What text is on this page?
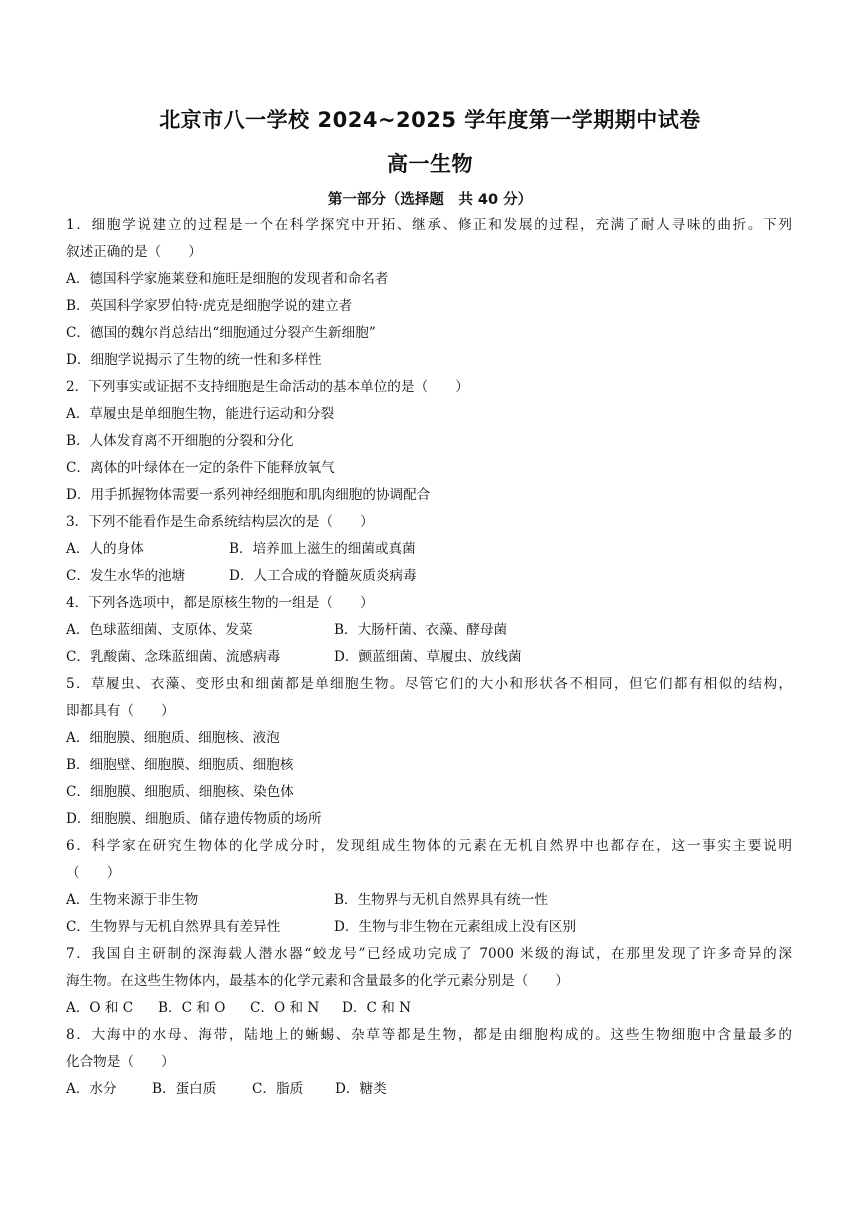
北京市八一学校 2024~2025 学年度第一学期期中试卷
高一生物
第一部分（选择题　共 40 分）
1．细胞学说建立的过程是一个在科学探究中开拓、继承、修正和发展的过程，充满了耐人寻味的曲折。下列
叙述正确的是（　　）
A．德国科学家施莱登和施旺是细胞的发现者和命名者
B．英国科学家罗伯特·虎克是细胞学说的建立者
C．德国的魏尔肖总结出“细胞通过分裂产生新细胞”
D．细胞学说揭示了生物的统一性和多样性
2．下列事实或证据不支持细胞是生命活动的基本单位的是（　　）
A．草履虫是单细胞生物，能进行运动和分裂
B．人体发育离不开细胞的分裂和分化
C．离体的叶绿体在一定的条件下能释放氧气
D．用手抓握物体需要一系列神经细胞和肌肉细胞的协调配合
3．下列不能看作是生命系统结构层次的是（　　）
A．人的身体	B．培养皿上滋生的细菌或真菌
C．发生水华的池塘	D．人工合成的脊髓灰质炎病毒
4．下列各选项中，都是原核生物的一组是（　　）
A．色球蓝细菌、支原体、发菜	B．大肠杆菌、衣藻、酵母菌
C．乳酸菌、念珠蓝细菌、流感病毒	D．颤蓝细菌、草履虫、放线菌
5．草履虫、衣藻、变形虫和细菌都是单细胞生物。尽管它们的大小和形状各不相同，但它们都有相似的结构，
即都具有（　　）
A．细胞膜、细胞质、细胞核、液泡
B．细胞壁、细胞膜、细胞质、细胞核
C．细胞膜、细胞质、细胞核、染色体
D．细胞膜、细胞质、储存遗传物质的场所
6．科学家在研究生物体的化学成分时，发现组成生物体的元素在无机自然界中也都存在，这一事实主要说明
（　　）
A．生物来源于非生物	B．生物界与无机自然界具有统一性
C．生物界与无机自然界具有差异性	D．生物与非生物在元素组成上没有区别
7．我国自主研制的深海载人潜水器“蛟龙号”已经成功完成了 7000 米级的海试，在那里发现了许多奇异的深
海生物。在这些生物体内，最基本的化学元素和含量最多的化学元素分别是（　　）
A．O 和 C B．C 和 O C．O 和 N D．C 和 N
8．大海中的水母、海带，陆地上的蜥蜴、杂草等都是生物，都是由细胞构成的。这些生物细胞中含量最多的
化合物是（　　）
A．水分	B．蛋白质	C．脂质 D．糖类
